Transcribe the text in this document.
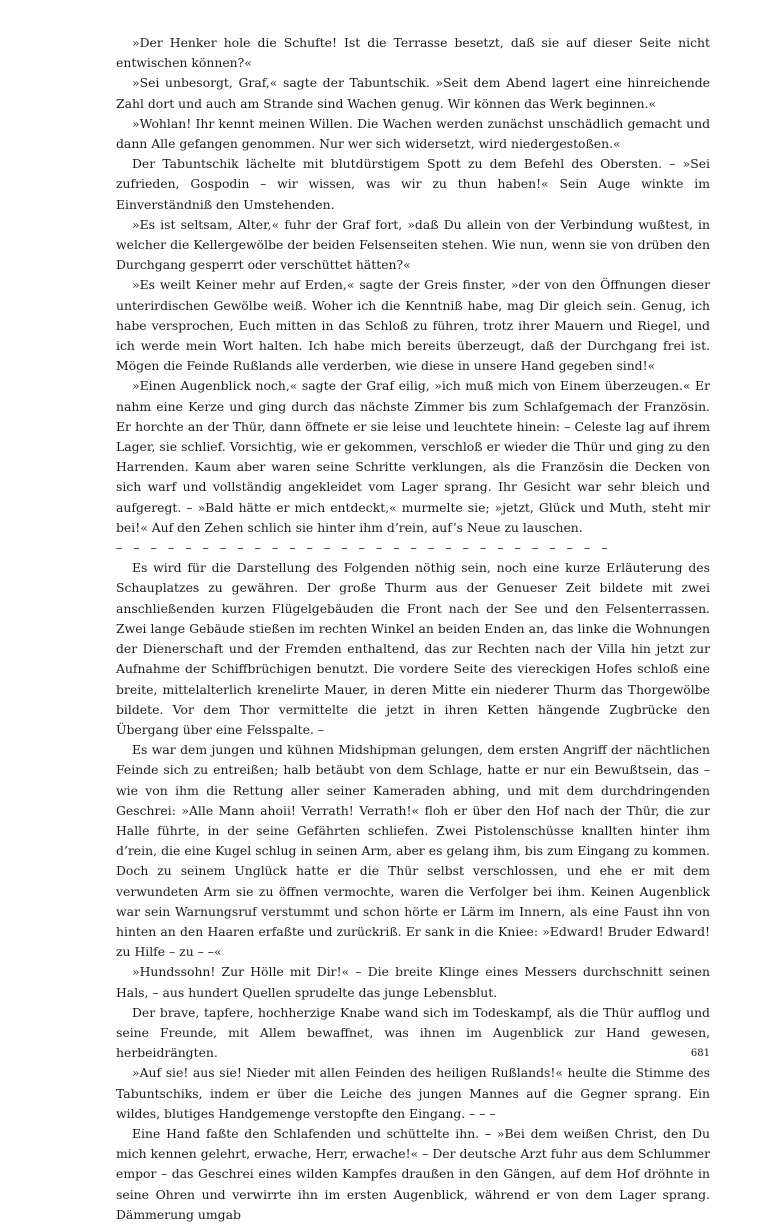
»Der Henker hole die Schufte! Ist die Terrasse besetzt, daß sie auf dieser Seite nicht entwischen können?«

»Sei unbesorgt, Graf,« sagte der Tabuntschik. »Seit dem Abend lagert eine hinreichende Zahl dort und auch am Strande sind Wachen genug. Wir können das Werk beginnen.«

»Wohlan! Ihr kennt meinen Willen. Die Wachen werden zunächst unschädlich gemacht und dann Alle gefangen genommen. Nur wer sich widersetzt, wird niedergestoßen.«

Der Tabuntschik lächelte mit blutdürstigem Spott zu dem Befehl des Obersten. – »Sei zufrieden, Gospodin – wir wissen, was wir zu thun haben!« Sein Auge winkte im Einverständniß den Umstehenden.

»Es ist seltsam, Alter,« fuhr der Graf fort, »daß Du allein von der Verbindung wußtest, in welcher die Kellergewölbe der beiden Felsenseiten stehen. Wie nun, wenn sie von drüben den Durchgang gesperrt oder verschüttet hätten?«

»Es weilt Keiner mehr auf Erden,« sagte der Greis finster, »der von den Öffnungen dieser unterirdischen Gewölbe weiß. Woher ich die Kenntniß habe, mag Dir gleich sein. Genug, ich habe versprochen, Euch mitten in das Schloß zu führen, trotz ihrer Mauern und Riegel, und ich werde mein Wort halten. Ich habe mich bereits überzeugt, daß der Durchgang frei ist. Mögen die Feinde Rußlands alle verderben, wie diese in unsere Hand gegeben sind!«

»Einen Augenblick noch,« sagte der Graf eilig, »ich muß mich von Einem überzeugen.« Er nahm eine Kerze und ging durch das nächste Zimmer bis zum Schlafgemach der Französin. Er horchte an der Thür, dann öffnete er sie leise und leuchtete hinein: – Celeste lag auf ihrem Lager, sie schlief. Vorsichtig, wie er gekommen, verschloß er wieder die Thür und ging zu den Harrenden. Kaum aber waren seine Schritte verklungen, als die Französin die Decken von sich warf und vollständig angekleidet vom Lager sprang. Ihr Gesicht war sehr bleich und aufgeregt. – »Bald hätte er mich entdeckt,« murmelte sie; »jetzt, Glück und Muth, steht mir bei!« Auf den Zehen schlich sie hinter ihm d’rein, auf’s Neue zu lauschen.

– – – – – – – – – – – – – – – – – – – – – – – – – – – – –

Es wird für die Darstellung des Folgenden nöthig sein, noch eine kurze Erläuterung des Schauplatzes zu gewähren. Der große Thurm aus der Genueser Zeit bildete mit zwei anschließenden kurzen Flügelgebäuden die Front nach der See und den Felsenterrassen. Zwei lange Gebäude stießen im rechten Winkel an beiden Enden an, das linke die Wohnungen der Dienerschaft und der Fremden enthaltend, das zur Rechten nach der Villa hin jetzt zur Aufnahme der Schiffbrüchigen benutzt. Die vordere Seite des viereckigen Hofes schloß eine breite, mittelalterlich krenelirte Mauer, in deren Mitte ein niederer Thurm das Thorgewölbe bildete. Vor dem Thor vermittelte die jetzt in ihren Ketten hängende Zugbrücke den Übergang über eine Felsspalte. –

Es war dem jungen und kühnen Midshipman gelungen, dem ersten Angriff der nächtlichen Feinde sich zu entreißen; halb betäubt von dem Schlage, hatte er nur ein Bewußtsein, das – wie von ihm die Rettung aller seiner Kameraden abhing, und mit dem durchdringenden Geschrei: »Alle Mann ahoii! Verrath! Verrath!« floh er über den Hof nach der Thür, die zur Halle führte, in der seine Gefährten schliefen. Zwei Pistolenschüsse knallten hinter ihm d’rein, die eine Kugel schlug in seinen Arm, aber es gelang ihm, bis zum Eingang zu kommen. Doch zu seinem Unglück hatte er die Thür selbst verschlossen, und ehe er mit dem verwundeten Arm sie zu öffnen vermochte, waren die Verfolger bei ihm. Keinen Augenblick war sein Warnungsruf verstummt und schon hörte er Lärm im Innern, als eine Faust ihn von hinten an den Haaren erfaßte und zurückriß. Er sank in die Kniee: »Edward! Bruder Edward! zu Hilfe – zu – –«

»Hundssohn! Zur Hölle mit Dir!« – Die breite Klinge eines Messers durchschnitt seinen Hals, – aus hundert Quellen sprudelte das junge Lebensblut.

Der brave, tapfere, hochherzige Knabe wand sich im Todeskampf, als die Thür aufflog und seine Freunde, mit Allem bewaffnet, was ihnen im Augenblick zur Hand gewesen, herbeidrängten.

»Auf sie! aus sie! Nieder mit allen Feinden des heiligen Rußlands!« heulte die Stimme des Tabuntschiks, indem er über die Leiche des jungen Mannes auf die Gegner sprang. Ein wildes, blutiges Handgemenge verstopfte den Eingang. – – –

Eine Hand faßte den Schlafenden und schüttelte ihn. – »Bei dem weißen Christ, den Du mich kennen gelehrt, erwache, Herr, erwache!« – Der deutsche Arzt fuhr aus dem Schlummer empor – das Geschrei eines wilden Kampfes draußen in den Gängen, auf dem Hof dröhnte in seine Ohren und verwirrte ihn im ersten Augenblick, während er von dem Lager sprang. Dämmerung umgab

681
